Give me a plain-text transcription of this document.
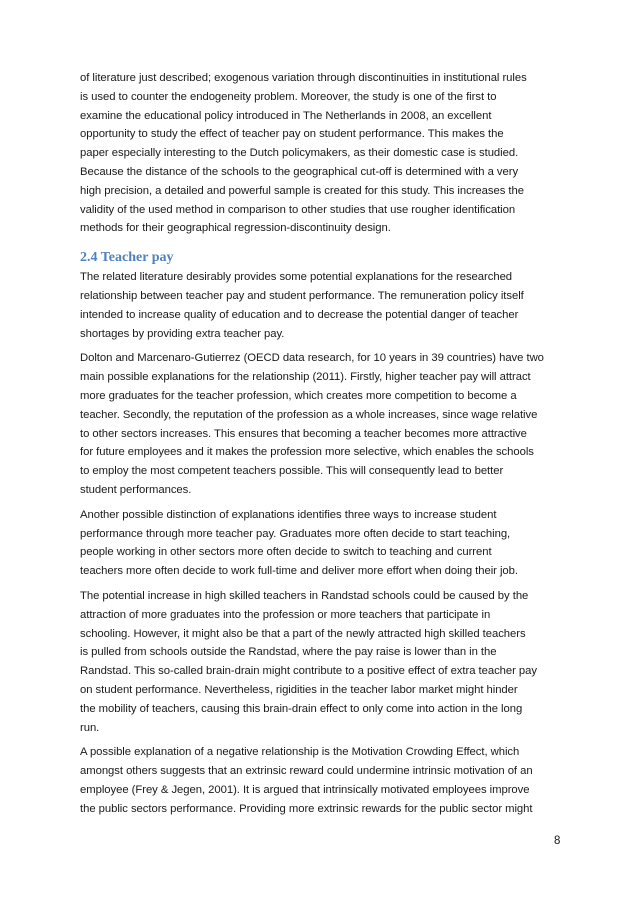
of literature just described; exogenous variation through discontinuities in institutional rules
is used to counter the endogeneity problem. Moreover, the study is one of the first to
examine the educational policy introduced in The Netherlands in 2008, an excellent
opportunity to study the effect of teacher pay on student performance. This makes the
paper especially interesting to the Dutch policymakers, as their domestic case is studied.
Because the distance of the schools to the geographical cut-off is determined with a very
high precision, a detailed and powerful sample is created for this study. This increases the
validity of the used method in comparison to other studies that use rougher identification
methods for their geographical regression-discontinuity design.
2.4 Teacher pay
The related literature desirably provides some potential explanations for the researched
relationship between teacher pay and student performance. The remuneration policy itself
intended to increase quality of education and to decrease the potential danger of teacher
shortages by providing extra teacher pay.
Dolton and Marcenaro-Gutierrez (OECD data research, for 10 years in 39 countries) have two
main possible explanations for the relationship (2011). Firstly, higher teacher pay will attract
more graduates for the teacher profession, which creates more competition to become a
teacher. Secondly, the reputation of the profession as a whole increases, since wage relative
to other sectors increases. This ensures that becoming a teacher becomes more attractive
for future employees and it makes the profession more selective, which enables the schools
to employ the most competent teachers possible. This will consequently lead to better
student performances.
Another possible distinction of explanations identifies three ways to increase student
performance through more teacher pay. Graduates more often decide to start teaching,
people working in other sectors more often decide to switch to teaching and current
teachers more often decide to work full-time and deliver more effort when doing their job.
The potential increase in high skilled teachers in Randstad schools could be caused by the
attraction of more graduates into the profession or more teachers that participate in
schooling. However, it might also be that a part of the newly attracted high skilled teachers
is pulled from schools outside the Randstad, where the pay raise is lower than in the
Randstad. This so-called brain-drain might contribute to a positive effect of extra teacher pay
on student performance. Nevertheless, rigidities in the teacher labor market might hinder
the mobility of teachers, causing this brain-drain effect to only come into action in the long
run.
A possible explanation of a negative relationship is the Motivation Crowding Effect, which
amongst others suggests that an extrinsic reward could undermine intrinsic motivation of an
employee (Frey & Jegen, 2001). It is argued that intrinsically motivated employees improve
the public sectors performance. Providing more extrinsic rewards for the public sector might
8
